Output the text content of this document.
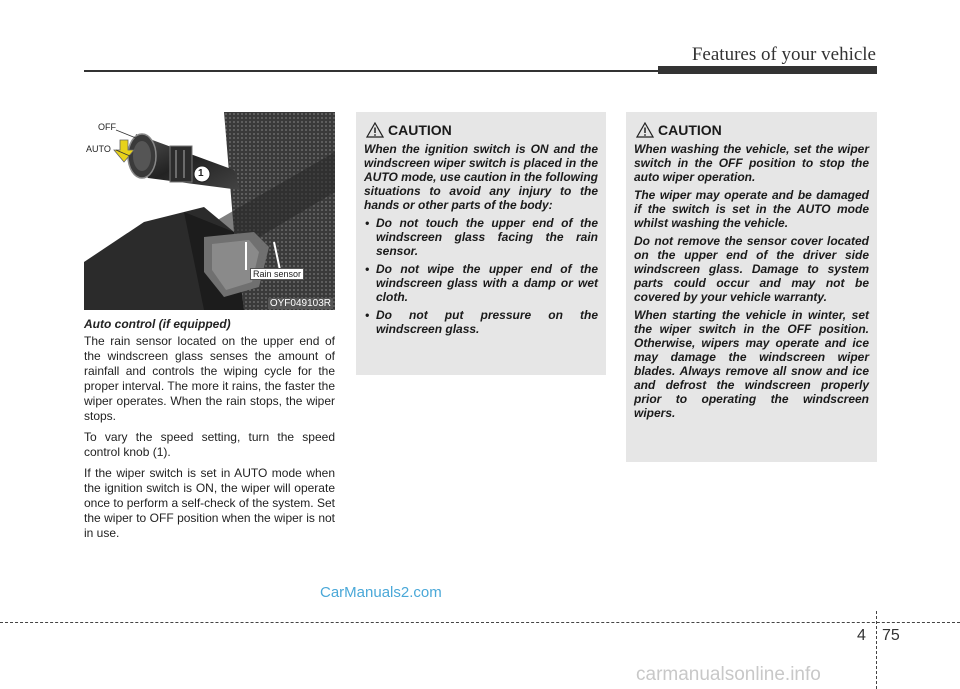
Features of your vehicle
OFF
AUTO
1
Rain sensor
OYF049103R
Auto control (if equipped)

The rain sensor located on the upper end of the windscreen glass senses the amount of rainfall and controls the wiping cycle for the proper interval. The more it rains, the faster the wiper operates. When the rain stops, the wiper stops.

To vary the speed setting, turn the speed control knob (1).

If the wiper switch is set in AUTO mode when the ignition switch is ON, the wiper will operate once to perform a self-check of the system. Set the wiper to OFF position when the wiper is not in use.

CAUTION

When the ignition switch is ON and the windscreen wiper switch is placed in the AUTO mode, use caution in the following situations to avoid any injury to the hands or other parts of the body:

• Do not touch the upper end of the windscreen glass facing the rain sensor.
• Do not wipe the upper end of the windscreen glass with a damp or wet cloth.
• Do not put pressure on the windscreen glass.
CAUTION

When washing the vehicle, set the wiper switch in the OFF position to stop the auto wiper operation.

The wiper may operate and be damaged if the switch is set in the AUTO mode whilst washing the vehicle.

Do not remove the sensor cover located on the upper end of the driver side windscreen glass. Damage to system parts could occur and may not be covered by your vehicle warranty.

When starting the vehicle in winter, set the wiper switch in the OFF position. Otherwise, wipers may operate and ice may damage the windscreen wiper blades. Always remove all snow and ice and defrost the windscreen properly prior to operating the windscreen wipers.

CarManuals2.com
4 75
carmanualsonline.info
